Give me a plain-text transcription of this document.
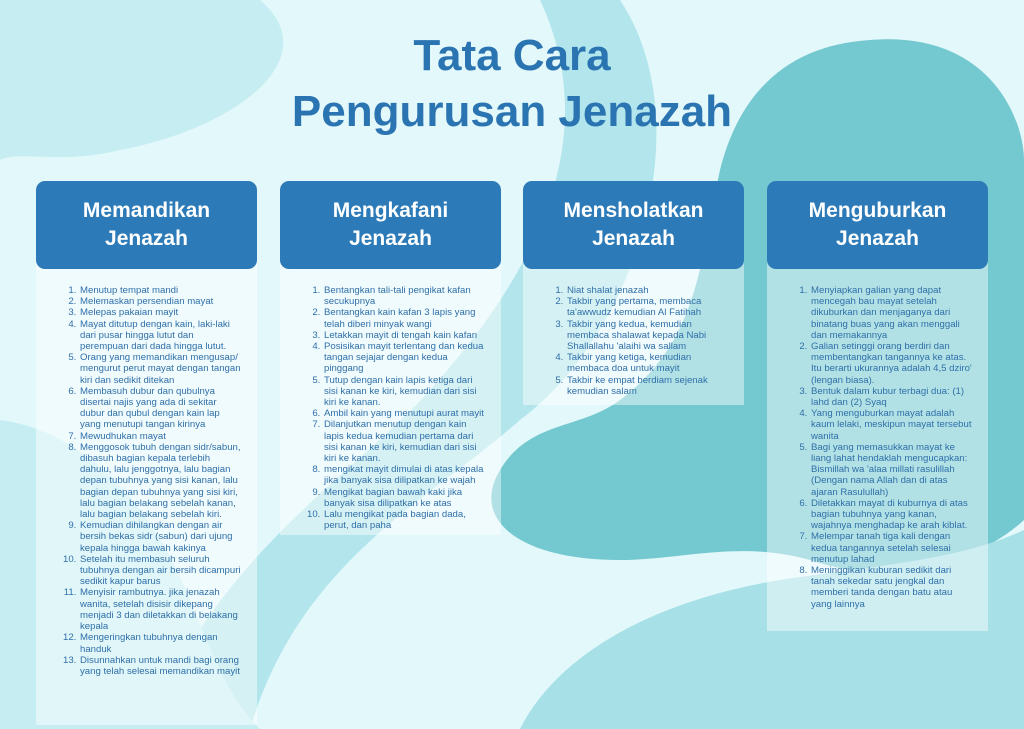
Tata Cara
Pengurusan Jenazah
Memandikan
Jenazah
1. Menutup tempat mandi
2. Melemaskan persendian mayat
3. Melepas pakaian mayit
4. Mayat ditutup dengan kain, laki-laki dari pusar hingga lutut dan perempuan dari dada hingga lutut.
5. Orang yang memandikan mengusap/ mengurut perut mayat dengan tangan kiri dan sedikit ditekan
6. Membasuh dubur dan qubulnya disertai najis yang ada di sekitar dubur dan qubul dengan kain lap yang menutupi tangan kirinya
7. Mewudhukan mayat
8. Menggosok tubuh dengan sidr/sabun, dibasuh bagian kepala terlebih dahulu, lalu jenggotnya, lalu bagian depan tubuhnya yang sisi kanan, lalu bagian depan tubuhnya yang sisi kiri, lalu bagian belakang sebelah kanan, lalu bagian belakang sebelah kiri.
9. Kemudian dihilangkan dengan air bersih bekas sidr (sabun) dari ujung kepala hingga bawah kakinya
10. Setelah itu membasuh seluruh tubuhnya dengan air bersih dicampuri sedikit kapur barus
11. Menyisir rambutnya. jika jenazah wanita, setelah disisir dikepang menjadi 3 dan diletakkan di belakang kepala
12. Mengeringkan tubuhnya dengan handuk
13. Disunnahkan untuk mandi bagi orang yang telah selesai memandikan mayit
Mengkafani
Jenazah
1. Bentangkan tali-tali pengikat kafan secukupnya
2. Bentangkan kain kafan 3 lapis yang telah diberi minyak wangi
3. Letakkan mayit di tengah kain kafan
4. Posisikan mayit terlentang dan kedua tangan sejajar dengan kedua pinggang
5. Tutup dengan kain lapis ketiga dari sisi kanan ke kiri, kemudian dari sisi kiri ke kanan.
6. Ambil kain yang menutupi aurat mayit
7. Dilanjutkan menutup dengan kain lapis kedua kemudian pertama dari sisi kanan ke kiri, kemudian dari sisi kiri ke kanan.
8. mengikat mayit dimulai di atas kepala jika banyak sisa dilipatkan ke wajah
9. Mengikat bagian bawah kaki jika banyak sisa dilipatkan ke atas
10. Lalu mengikat pada bagian dada, perut, dan paha
Mensholatkan
Jenazah
1. Niat shalat jenazah
2. Takbir yang pertama, membaca ta'awwudz kemudian Al Fatihah
3. Takbir yang kedua, kemudian membaca shalawat kepada Nabi Shallallahu 'alaihi wa sallam
4. Takbir yang ketiga, kemudian membaca doa untuk mayit
5. Takbir ke empat berdiam sejenak kemudian salam
Menguburkan
Jenazah
1. Menyiapkan galian yang dapat mencegah bau mayat setelah dikuburkan dan menjaganya dari binatang buas yang akan menggali dan memakannya
2. Galian setinggi orang berdiri dan membentangkan tangannya ke atas. Itu berarti ukurannya adalah 4,5 dziro' (lengan biasa).
3. Bentuk dalam kubur terbagi dua: (1) lahd dan (2) Syaq
4. Yang menguburkan mayat adalah kaum lelaki, meskipun mayat tersebut wanita
5. Bagi yang memasukkan mayat ke liang lahat hendaklah mengucapkan: Bismillah wa 'alaa millati rasulillah (Dengan nama Allah dan di atas ajaran Rasulullah)
6. Diletakkan mayat di kuburnya di atas bagian tubuhnya yang kanan, wajahnya menghadap ke arah kiblat.
7. Melempar tanah tiga kali dengan kedua tangannya setelah selesai menutup lahad
8. Meninggikan kuburan sedikit dari tanah sekedar satu jengkal dan memberi tanda dengan batu atau yang lainnya
